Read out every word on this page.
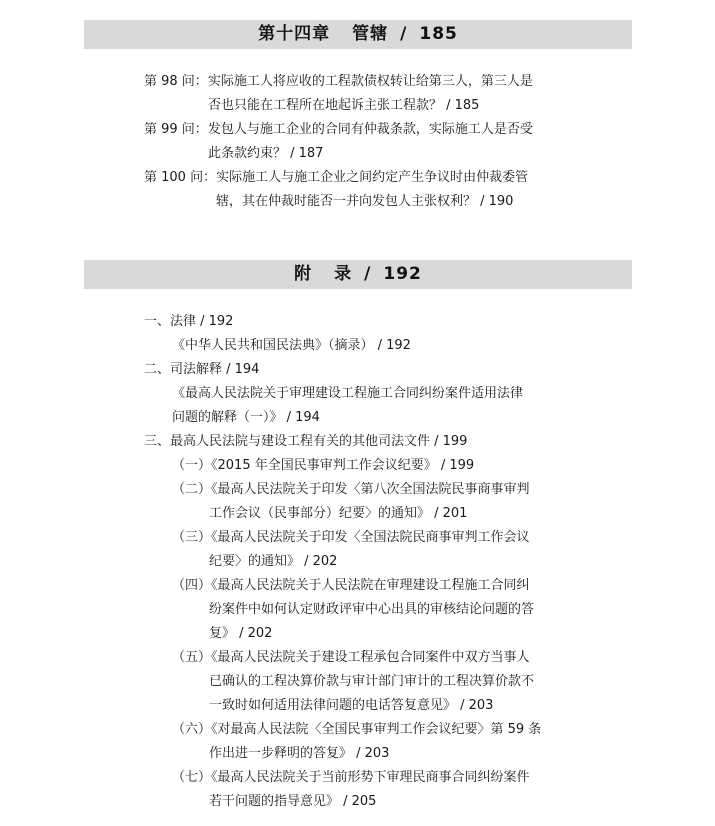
第十四章 管辖 / 185
第 98 问：实际施工人将应收的工程款债权转让给第三人，第三人是
否也只能在工程所在地起诉主张工程款？ / 185
第 99 问：发包人与施工企业的合同有仲裁条款，实际施工人是否受
此条款约束？ / 187
第 100 问：实际施工人与施工企业之间约定产生争议时由仲裁委管
辖，其在仲裁时能否一并向发包人主张权利？ / 190
附 录 / 192
一、法律 / 192
《中华人民共和国民法典》（摘录） / 192
二、司法解释 / 194
《最高人民法院关于审理建设工程施工合同纠纷案件适用法律
问题的解释（一）》 / 194
三、最高人民法院与建设工程有关的其他司法文件 / 199
（一）《2015 年全国民事审判工作会议纪要》 / 199
（二）《最高人民法院关于印发〈第八次全国法院民事商事审判
工作会议（民事部分）纪要〉的通知》 / 201
（三）《最高人民法院关于印发〈全国法院民商事审判工作会议
纪要〉的通知》 / 202
（四）《最高人民法院关于人民法院在审理建设工程施工合同纠
纷案件中如何认定财政评审中心出具的审核结论问题的答
复》 / 202
（五）《最高人民法院关于建设工程承包合同案件中双方当事人
已确认的工程决算价款与审计部门审计的工程决算价款不
一致时如何适用法律问题的电话答复意见》 / 203
（六）《对最高人民法院〈全国民事审判工作会议纪要〉第 59 条
作出进一步释明的答复》 / 203
（七）《最高人民法院关于当前形势下审理民商事合同纠纷案件
若干问题的指导意见》 / 205
